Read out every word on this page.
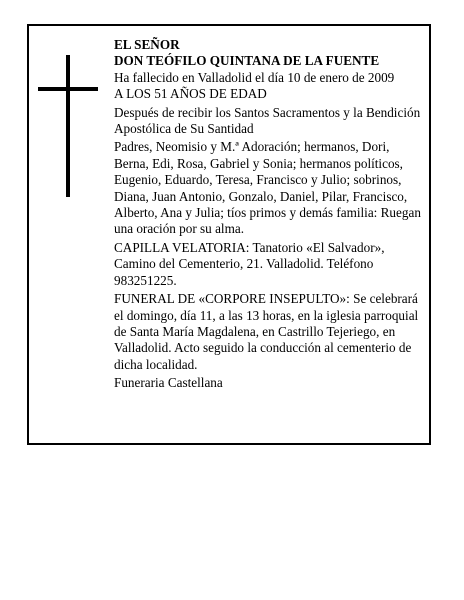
EL SEÑOR

DON TEÓFILO QUINTANA DE LA FUENTE

Ha fallecido en Valladolid el día 10 de enero de 2009

A LOS 51 AÑOS DE EDAD

Después de recibir los Santos Sacramentos y la Bendición Apostólica de Su Santidad

Padres, Neomisio y M.ª Adoración; hermanos, Dori, Berna, Edi, Rosa, Gabriel y Sonia; hermanos políticos, Eugenio, Eduardo, Teresa, Francisco y Julio; sobrinos, Diana, Juan Antonio, Gonzalo, Daniel, Pilar, Francisco, Alberto, Ana y Julia; tíos primos y demás familia: Ruegan una oración por su alma.

CAPILLA VELATORIA: Tanatorio «El Salvador», Camino del Cementerio, 21. Valladolid. Teléfono 983251225.

FUNERAL DE «CORPORE INSEPULTO»: Se celebrará el domingo, día 11, a las 13 horas, en la iglesia parroquial de Santa María Magdalena, en Castrillo Tejeriego, en Valladolid. Acto seguido la conducción al cementerio de dicha localidad.

Funeraria Castellana
